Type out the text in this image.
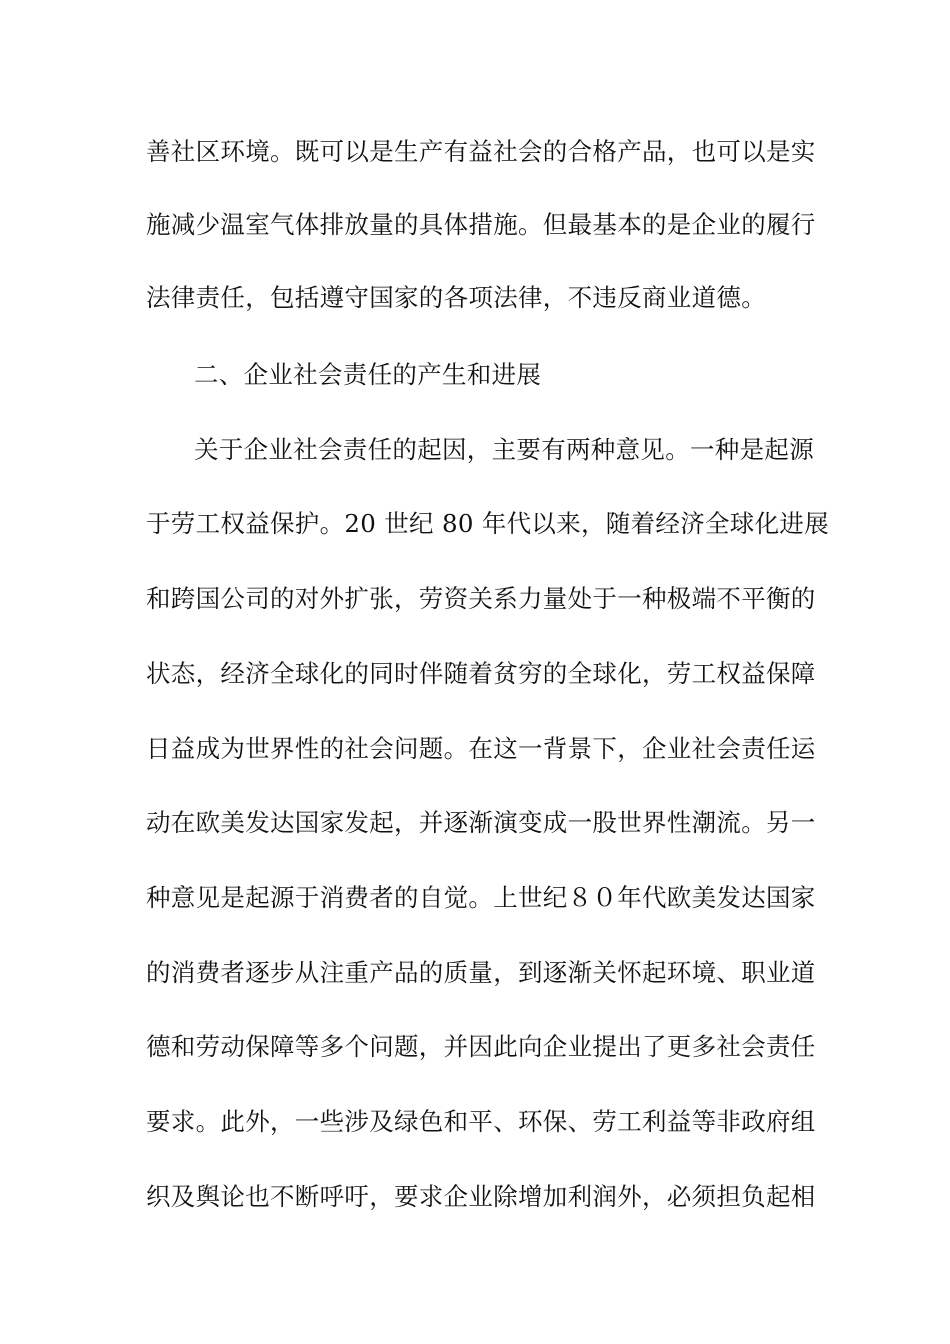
善社区环境。既可以是生产有益社会的合格产品，也可以是实
施减少温室气体排放量的具体措施。但最基本的是企业的履行
法律责任，包括遵守国家的各项法律，不违反商业道德。
二、企业社会责任的产生和进展
关于企业社会责任的起因，主要有两种意见。一种是起源
于劳工权益保护。20 世纪 80 年代以来，随着经济全球化进展
和跨国公司的对外扩张，劳资关系力量处于一种极端不平衡的
状态，经济全球化的同时伴随着贫穷的全球化，劳工权益保障
日益成为世界性的社会问题。在这一背景下，企业社会责任运
动在欧美发达国家发起，并逐渐演变成一股世界性潮流。另一
种意见是起源于消费者的自觉。上世纪８０年代欧美发达国家
的消费者逐步从注重产品的质量，到逐渐关怀起环境、职业道
德和劳动保障等多个问题，并因此向企业提出了更多社会责任
要求。此外，一些涉及绿色和平、环保、劳工利益等非政府组
织及舆论也不断呼吁，要求企业除增加利润外，必须担负起相
